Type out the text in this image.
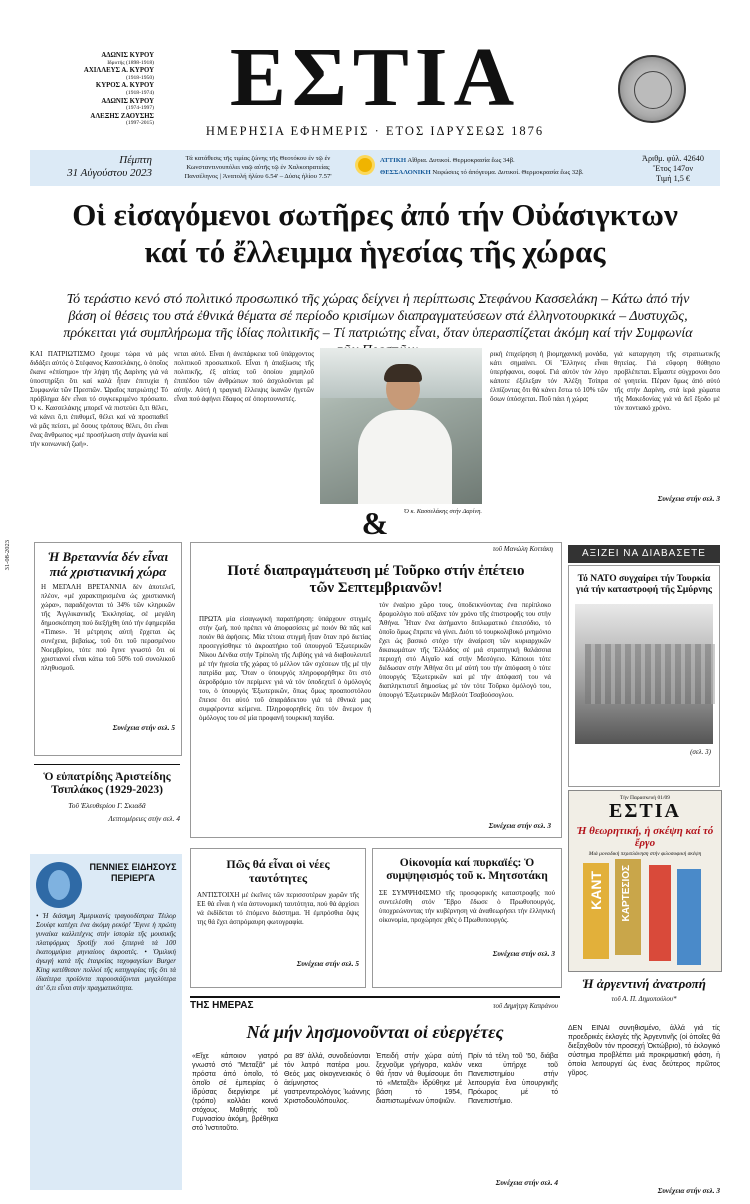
ΑΔΩΝΙΣ ΚΥΡΟΥ
Ιδρυτής (1898-1918)
ΑΧΙΛΛΕΥΣ Α. ΚΥΡΟΥ
(1918-1950)
ΚΥΡΟΣ Α. ΚΥΡΟΥ
(1918-1974)
ΑΔΩΝΙΣ ΚΥΡΟΥ
(1974-1997)
ΑΛΕΞΗΣ ΖΑΟΥΣΗΣ
(1997-2015) ΕΣΤΙΑ
ΗΜΕΡΗΣΙΑ ΕΦΗΜΕΡΙΣ · ΕΤΟΣ ΙΔΡΥΣΕΩΣ 1876
Πέμπτη
31 Αὐγούστου 2023
Τά κατάθεσις τῆς τιμίας ζώνης τῆς Θεοτόκου ἐν τῷ ἐν Κωνσταντινουπόλει ναῷ αὐτῆς τῷ ἐν Χαλκοπρατείας Πανσέληνος | Ἀνατολή ἡλίου 6.54' – Δύσις ἡλίου 7.57'
ΑΤΤΙΚΗ Αἴθρια. Δυτικοί. Θερμοκρασία ἕως 34β.
ΘΕΣΣΑΛΟΝΙΚΗ Νεφώσεις τό ἀπόγευμα. Δυτικοί. Θερμοκρασία ἕως 32β.
Ἀριθμ. φύλ. 42640
Ἔτος 147ον
Τιμή 1,5 €
Οἱ εἰσαγόμενοι σωτῆρες ἀπό τήν Οὐάσιγκτων
καί τό ἔλλειμμα ἡγεσίας τῆς χώρας
Τό τεράστιο κενό στό πολιτικό προσωπικό τῆς χώρας δείχνει ἡ περίπτωσις Στεφάνου Κασσελάκη – Κάτω ἀπό τήν βάση οἱ θέσεις του στά ἐθνικά θέματα σέ περίοδο κρισίμων διαπραγματεύσεων στά ἑλληνοτουρκικά – Δυστυχῶς, πρόκειται γιά συμπλήρωμα τῆς ἰδίας πολιτικῆς – Τί πατριώτης εἶναι, ὅταν ὑπερασπίζεται ἀκόμη καί τήν Συμφωνία
ΚΑΙ ΠΑΤΡΙΩΤΙΣΜΟ ἔχουμε τώρα νά μάς διδάξει αὐτός ὁ Στέφανος Κασσελάκης, ὁ ὁποῖος ἔκανε «ἐπίσημο» τήν λήψη τῆς Δαρίνης γιά νά ὑποστηρίξει ὅτι καί καλά ἦταν ἐπιτυχία ἡ Συμφωνία τῶν Πρεσπῶν. Ὡραῖος πατριώτης! Τό πρόβλημα δέν εἶναι τό συγκεκριμένο πρόσωπο. Ὁ κ. Κασσελάκης μπορεῖ νά πιστεύει ὅ,τι θέλει, νά κάνει ὅ,τι ἐπιθυμεῖ, θέλει καί νά προσπαθεῖ νά μᾶς πείσει, μέ ὅσους τρόπους θέλει, ὅτι εἶναι ἕνας ἄνθρωπος «μέ προσήλωση στήν ἀγωνία καί τήν κοινωνική ζωή».
νεται αὐτό. Εἶναι ἡ ἀνεπάρκεια τοῦ ὑπάρχοντος πολιτικοῦ προσωπικοῦ. Εἶναι ἡ ἀπαξίωσις τῆς πολιτικῆς, ἐξ αἰτίας τοῦ ὁποίου χαμηλοῦ ἐπιπέδου τῶν ἀνθρώπων πού ἀσχολοῦνται μέ αὐτήν. Αὐτή ἡ τραγική ἔλλειψις ἱκανῶν ἡγετῶν εἶναι πού ἀφήνει ἔδαφος σέ ὀπορτουνιστές.
Ὁ κ. Κασσελάκης στήν Δαρίνη.
ρική ἐπιχείρηση ἡ βιομηχανική μονάδα, κάτι σημαίνει. Οἱ Ἕλληνες εἶναι ὑπερήφανοι, σοφοί. Γιά αὐτόν τόν λόγο κάποτε ἐξέλεξαν τόν Ἀλέξη Τσίπρα ἐλπίζοντας ὅτι θά κάνει ἔστω τό 10% τῶν ὅσων ὑπόσχεται. Ποῦ πάει ἡ χώρα;
γιά καταργηση τῆς στρατιωτικῆς θητείας. Γιά εὔφορη θύθησιο προβλέπεται. Εἶμαστε σύγχρονοι ὅσο σέ γοητεία. Πέραν ὅμως ἀπό αὐτό τῆς στήν Δαρίνη, στά ἱερά χώματα τῆς Μακεδονίας γιά νά δεῖ ἔξοδο μέ τόν ποντιακό χρόνο.
Συνέχεια στήν σελ. 3
&
31-08-2023	Ἡ Βρεταννία δέν εἶναι πιά χριστιανική χώρα
Η ΜΕΓΑΛΗ ΒΡΕΤΑΝΝΙΑ δέν ἀποτελεῖ, πλέον, «μέ χαρακτηρισμένα ὡς χριστιανική χώρα», παραδέχονται τό 34% τῶν κληρικῶν τῆς Ἀγγλικανικῆς Ἐκκλησίας, σέ μεγάλη δημοσκόπηση πού διεξήχθη ὑπό τήν ἐφημερίδα «Times». Ἡ μέτρησις αὐτή ἔρχεται ὡς συνέχεια, βεβαίως, τοῦ ὅτι τοῦ περασμένου Νοεμβρίου, τότε πού ἔγινε γνωστό ὅτι οἱ χριστιανοί εἶναι κάτω τοῦ 50% τοῦ συνολικοῦ πληθυσμοῦ.
Συνέχεια στήν σελ. 5
Ὁ εὐπατρίδης Ἀριστείδης Τσιπλάκος (1929-2023)
Τοῦ Ἐλευθερίου Γ. Σκιαδᾶ
Λεπτομέρειες στήν σελ. 4
ΠΕΝΝΙΕΣ ΕΙΔΗΣΟΥΣ ΠΕΡΙΕΡΓΑ
• Ἡ διάσημη Ἀμερικανίς τραγουδίστρια Τέιλορ Σουίφτ κατέχει ἐνα ἀκόμη ρεκόρ! Ἔγινε ἡ πρώτη γυναίκα καλλιτέχνις στήν ἱστορία τῆς μουσικῆς πλατφόρμας Spotify πού ξεπερνά τά 100 ἑκατομμύρια μηνιαίους ἀκροατές. • Ὁμιλική ἀγωγή κατά τῆς ἑταιρείας ταχυφαγείων Burger King κατέθεσαν πολλοί τῆς κατηγορίας τῆς ὅτι τά ἰδιαίτερα προϊόντα παρουσιάζονται μεγαλύτερα ἀπ' ὅ,τι εἶναι στήν πραγματικότητα.
τοῦ Μανώλη Κοττάκη
Ποτέ διαπραγμάτευση μέ Τοῦρκο στήν ἐπέτειο τῶν Σεπτεμβριανῶν!
ΠΡΩΤΑ μία εἰσαγωγική παρατήρηση: ὑπάρχουν στιγμές στήν ζωή, πού πρέπει νά ἀποφασίσεις μέ ποιόν θά πᾶς καί ποιόν θά ἀφήσεις. Μία τέτοια στιγμή ἦταν ὅταν πρό διετίας προσεγγίσθηκε τό ἀκροατήριο τοῦ ὑπουργοῦ Ἐξωτερικῶν Νίκου Δένδια στήν Τρίπολη τῆς Λιβύης γιά νά διαβουλευτεῖ μέ τήν ἡγεσία τῆς χώρας τό μέλλον τῶν σχέσεων τῆς μέ τήν πατρίδα μας. Ὅταν ο ὑπουργός πληροφορήθηκε ὅτι στό ἀεροδρόμιο τόν περίμενε γιά νά τόν ὑποδεχτεῖ ὁ ὁμόλογός του, ὁ ὑπουργός Ἐξωτερικῶν, ὅπως ὅμως προαποστόλου ἔπεισε ὅτι αὐτό τοῦ ἀπαράδεκτου γιά τά ἐθνικά μας συμφέροντα κείμενα. Πληροφορηθείς ὅτι τόν ἄνεμον ἡ ὁμόλογος του σέ μία προφανή τουρκική παγίδα.
τόν ἐναέριο χῶρο τους, ὑποδεικνύοντας ἐνα περίπλοκο δρομολόγιο πού αὔξανε τόν χρόνο τῆς ἐπιστροφῆς του στήν Ἀθήνα. Ἦταν ἔνα ἀσήμαντο διπλωματικό ἐπεισόδιο, τό ὁποῖο ὅμως ἔπρεπε νά γίνει. Διότι τό τουρκολιβυκό μνημόνιο ἔχει ὡς βασικό στόχο τήν ἀναίρεση τῶν κυριαρχικῶν δικαιωμάτων τῆς Ἑλλάδος σέ μιά στρατηγική θαλάσσια περιοχή στό Αἰγαῖο καί στήν Μεσόγειο. Κάποιοι τότε διέδωσαν στήν Ἀθήνα ὅτι μέ αὐτή του τήν ἀπόφαση ὁ τότε ὑπουργός Ἐξωτερικῶν καί μέ τήν ἀπόφασή του νά διαπληκτιστεῖ δημοσίως μέ τόν τότε Τοῦρκο ὁμόλογό του, ὑπουργό Ἐξωτερικῶν Μεβλούτ Τσαβούσογλου.
Συνέχεια στήν σελ. 3
Πῶς θά εἶναι οἱ νέες ταυτότητες
ΑΝΤΙΣΤΟΙΧΗ μέ ἐκεῖνες τῶν περισσοτέρων χωρῶν τῆς ΕΕ θά εἶναι ἡ νέα ἀστυνομική ταυτότητα, πού θά ἀρχίσει νά ἐκδίδεται τό ἐπόμενο διάστημα. Ἡ ἐμπρόσθια ὄψις της θά ἔχει ἀσπρόμαυρη φωτογραφία.
Συνέχεια στήν σελ. 5
Οἰκονομία καί πυρκαϊές: Ὁ συμψηφισμός τοῦ κ. Μητσοτάκη
ΣΕ ΣΥΜΨΗΦΙΣΜΟ τῆς προσφορικής καταστροφῆς πού συντελέσθη στόν Ἕβρο ἔδωσε ὁ Πρωθυπουργός, ὑποχρεώνοντας τήν κυβέρνηση νά ἀναθεωρήσει τήν ἑλληνική οἰκονομία, προχώρησε χθές ὁ Πρωθυπουργός.
Συνέχεια στήν σελ. 3
ΑΞΙΖΕΙ ΝΑ ΔΙΑΒΑΣΕΤΕ
Τό ΝΑΤΟ συγχαίρει τήν Τουρκία γιά τήν καταστροφή τῆς Σμύρνης
(σελ. 3)
Τήν Παρασκευή 01/09
ΕΣΤΙΑ
Ἡ θεωρητική, ἡ σκέψη καί τό ἔργο
Μιά μοναδική περιπλάνηση στήν φιλοσοφική σκέψη
ΚΑΝΤ ΚΑΡΤΕΣΙΟΣ
Ἡ ἀργεντινή ἀνατροπή
τοῦ Α. Π. Δημοπούλου*
ΔΕΝ ΕΙΝΑΙ συνηθισμένο, ἀλλά γιά τίς προεδρικές ἐκλογές τῆς Ἀργεντινῆς (οἱ ὁποῖες θά διεξαχθοῦν τόν προσεχή Ὀκτώβριο), τό ἐκλογικό σύστημα προβλέπει μιά προκριματική φάση, ἡ ὁποία λειτουργεί ὡς ἐνας δεύτερος πρῶτος γῦρος.
Συνέχεια στήν σελ. 3
ΤΗΣ ΗΜΕΡΑΣ	τοῦ Δημήτρη Καπράνου
Νά μήν λησμονοῦνται οἱ εὐεργέτες
«Εἴχε κάποιον γιατρό γνωστό στό "Μεταξᾶ" μέ πρόστα ἀπό ὁποῖο, τό ὁποῖο σέ ἐμπειρίας ὁ ἰδρύσας διεργίκηρε μέ (τρόπο) κολλάει κοινά στόχους. Μαθητής τοῦ Γυμνασίου ἀκόμη, βρέθηκα στό Ἰνστιτοῦτο.
ρα 89' ἀλλά, συνοδεύονται τόν λατρό πατέρα μου. Θεός μας οἰκογενειακός ὁ ἀείμνηστος γαστρεντερολόγος Ἰωάννης Χριστοδουλόπουλος.
Ἐπειδή στήν χώρα αὐτή ξεχνοῦμε γρήγορα, καλόν θά ἦταν νά θυμίσουμε ὅτι τό «Μεταξᾶ» ἱδρύθηκε μέ βάση τό 1954, διαπιστωμένων ὑποψιῶν.
Πρίν τά τέλη τοῦ '50, διάβα νεκα ὑπήρχε τοῦ Πανεπιστημίου στήν λειτουργία ἔνα ὑπουργικῆς Πρόωρος μέ τό Πανεπιστήμιο.
Συνέχεια στήν σελ. 4
